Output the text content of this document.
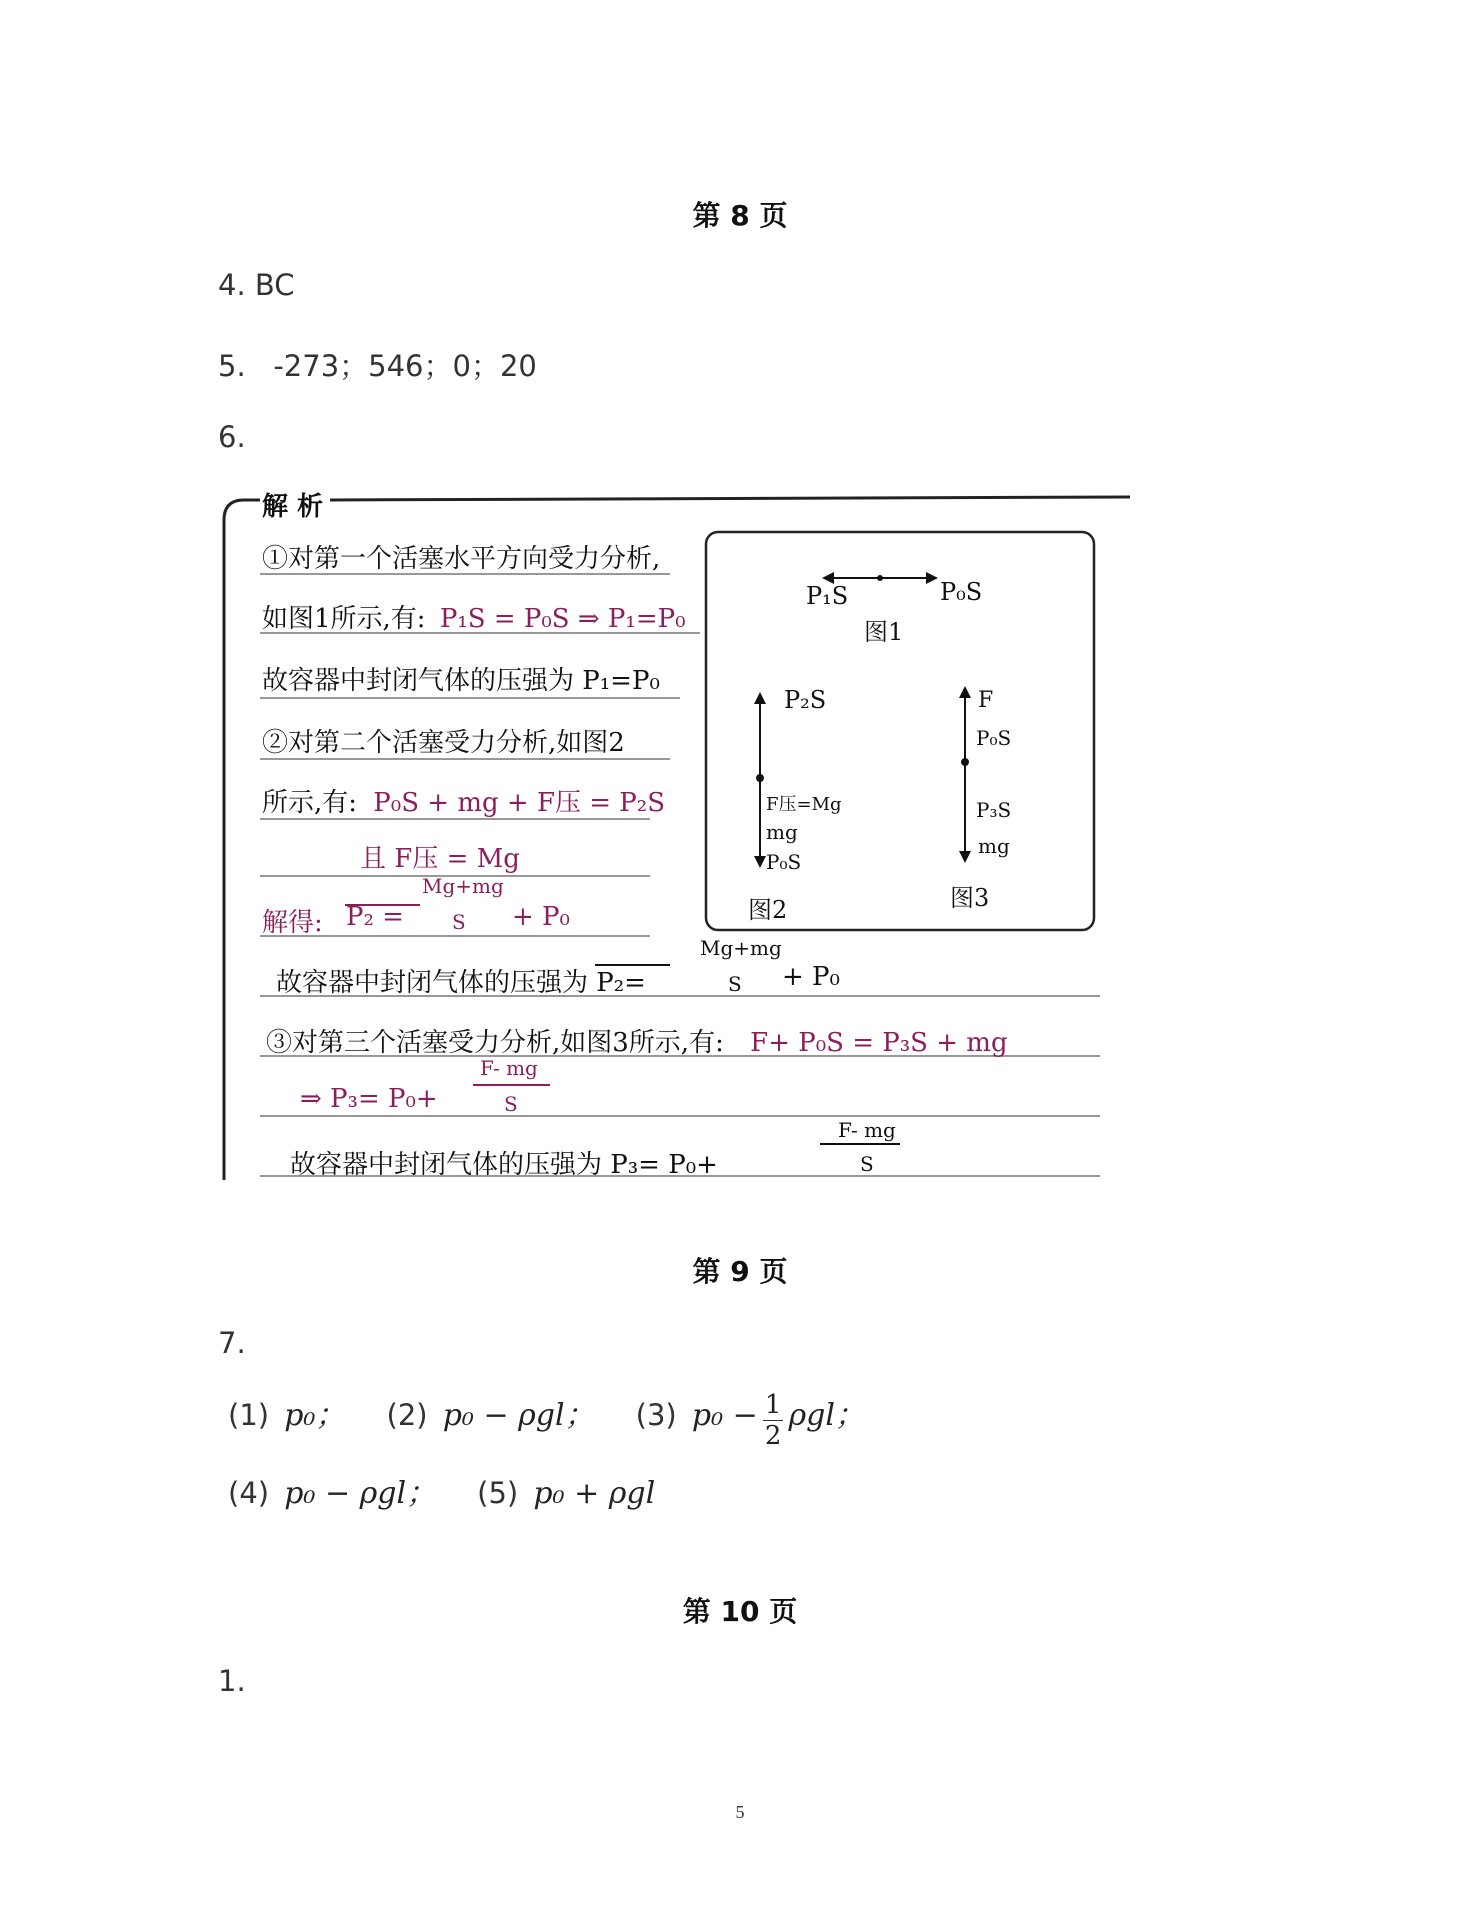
第 8 页
4. BC
5.   -273；546；0；20
6.
解 析
①对第一个活塞水平方向受力分析,
如图1所示,有: P₁S = P₀S ⇒ P₁=P₀
故容器中封闭气体的压强为 P₁=P₀
②对第二个活塞受力分析,如图2
所示,有: P₀S + mg + F压 = P₂S
且 F压 = Mg
解得: P₂ =
Mg+mg
S + P₀
故容器中封闭气体的压强为 P₂=
Mg+mg
S + P₀
③对第三个活塞受力分析,如图3所示,有: F+ P₀S = P₃S + mg
⇒ P₃= P₀+
F- mg
S
故容器中封闭气体的压强为 P₃= P₀+
F- mg
S
P₁S	P₀S
图1
P₂S
F压=Mg
mg
P₀S
图2
F
P₀S
P₃S
mg
图3
第 9 页
7.
(1) p₀； (2) p₀ − ρgl； (3) $p_0 - \frac{1}{2}$ ρgl；
(4) p₀ − ρgl； (5) p₀ + ρgl
第 10 页
1.
5
